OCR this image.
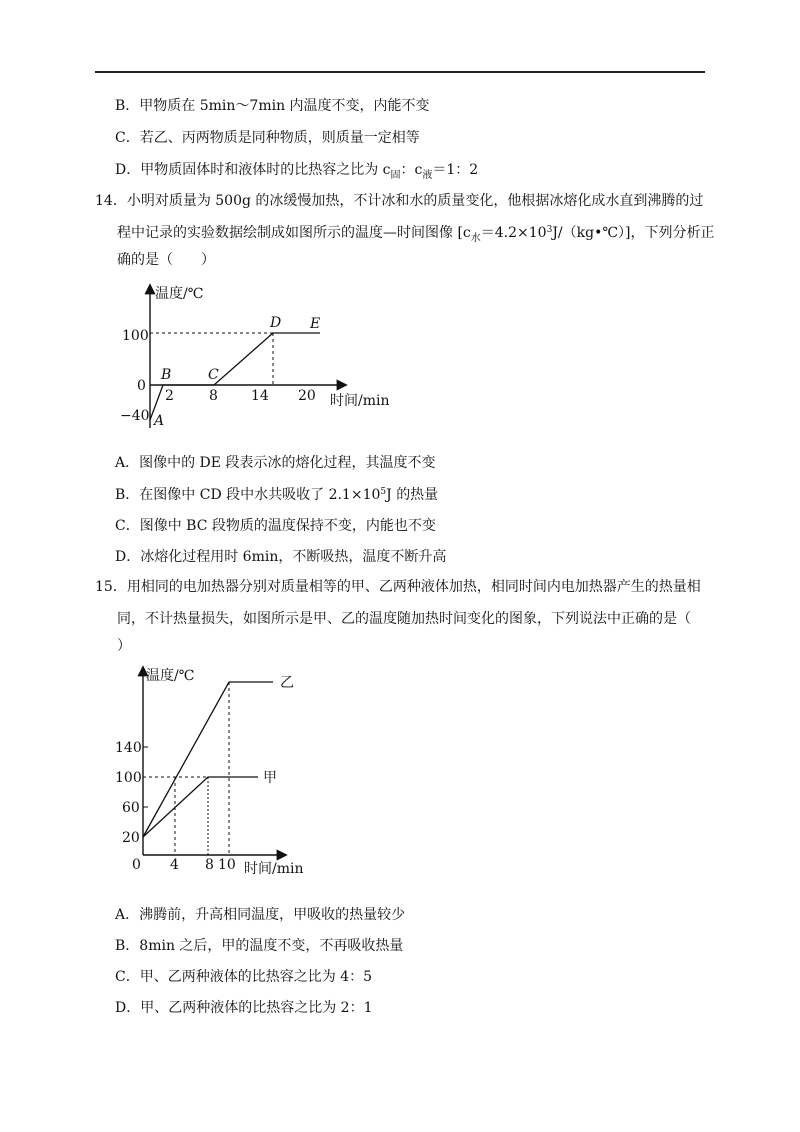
B．甲物质在 5min～7min 内温度不变，内能不变
C．若乙、丙两物质是同种物质，则质量一定相等
D．甲物质固体时和液体时的比热容之比为 $c_固$：$c_液=1$：2
14．小明对质量为 500g 的冰缓慢加热，不计冰和水的质量变化，他根据冰熔化成水直到沸腾的过
程中记录的实验数据绘制成如图所示的温度—时间图像 $[c_水=4.2\times 10^3J/(kg•℃)]$，下列分析正
确的是（　　）
温度/℃
时间/min
100
0
−40
2	8 14 20
A
B	C
D E
A．图像中的 DE 段表示冰的熔化过程，其温度不变
B．在图像中 CD 段中水共吸收了 $2.1\times 10^5J$ 的热量
C．图像中 BC 段物质的温度保持不变，内能也不变
D．冰熔化过程用时 6min，不断吸热，温度不断升高
15．用相同的电加热器分别对质量相等的甲、乙两种液体加热，相同时间内电加热器产生的热量相
同，不计热量损失，如图所示是甲、乙的温度随加热时间变化的图象，下列说法中正确的是（
）
温度/℃
时间/min
140
100
60
20
0 4 8 10
乙
甲
A．沸腾前，升高相同温度，甲吸收的热量较少
B．8min 之后，甲的温度不变，不再吸收热量
C．甲、乙两种液体的比热容之比为 4：5
D．甲、乙两种液体的比热容之比为 2：1
